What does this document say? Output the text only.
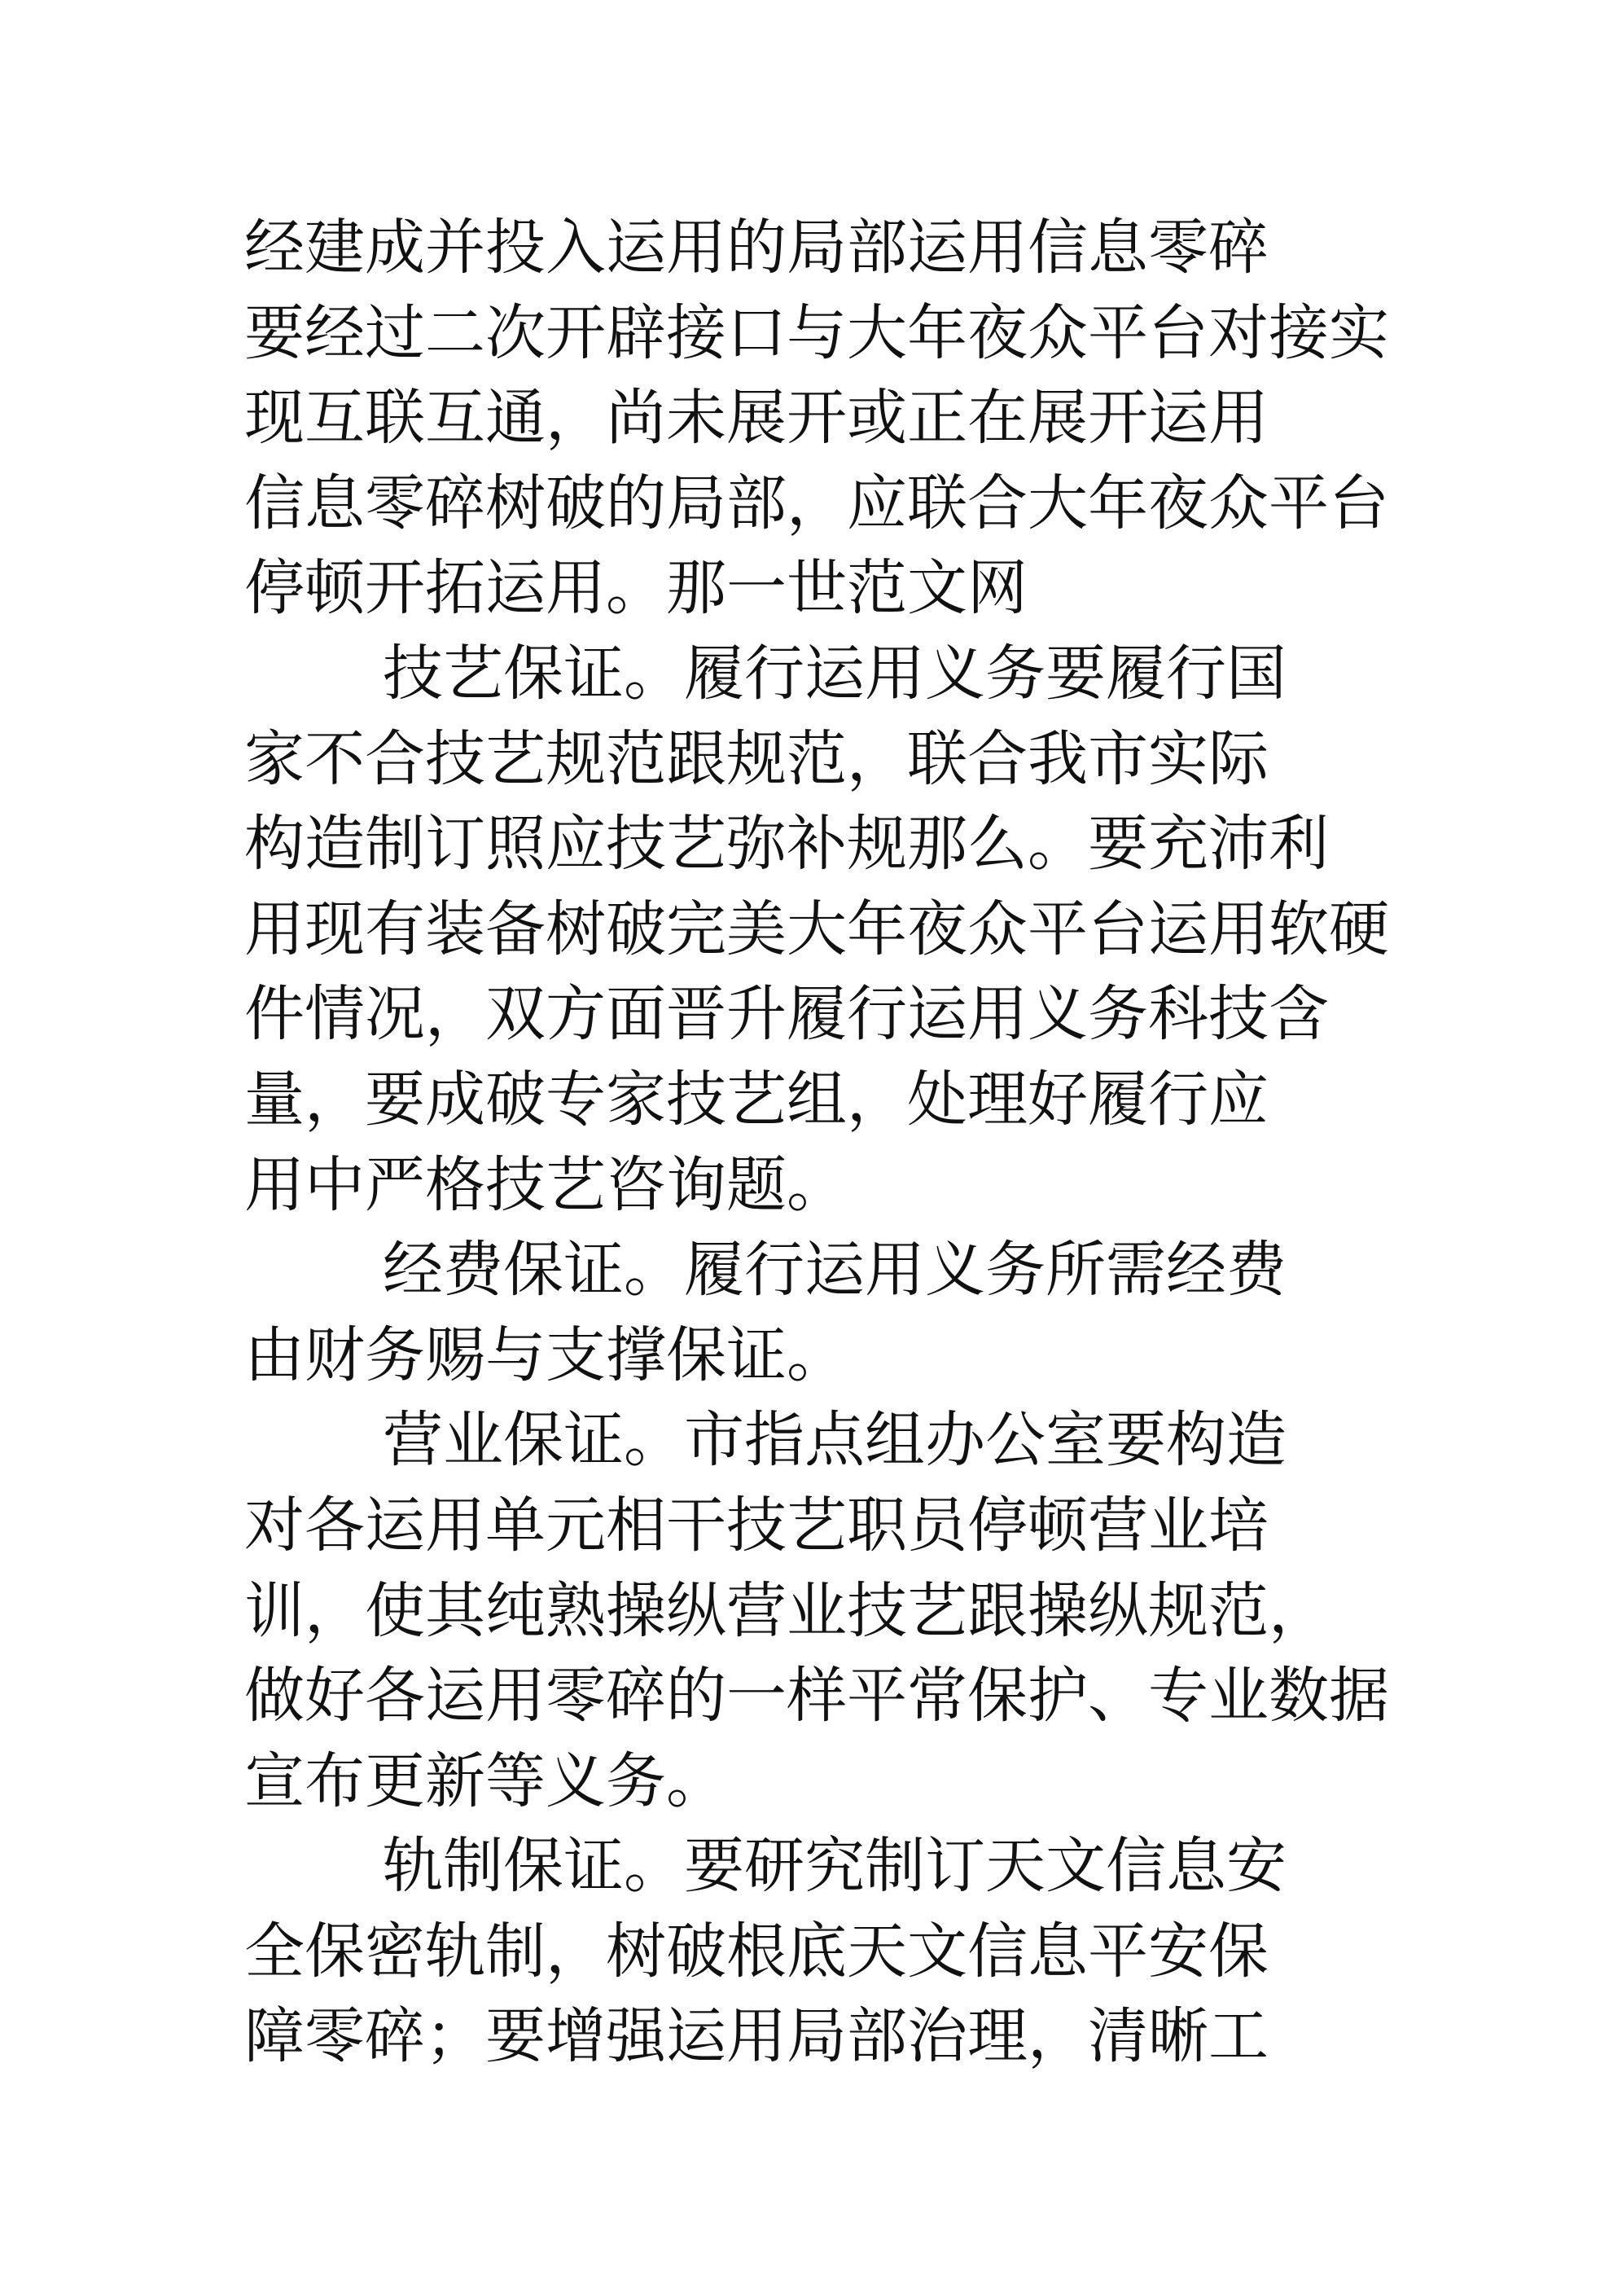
经建成并投入运用的局部运用信息零碎
要经过二次开辟接口与大年夜众平台对接实
现互联互通，尚未展开或正在展开运用
信息零碎树破的局部，应联合大年夜众平台
停顿开拓运用。那一世范文网
技艺保证。履行运用义务要履行国
家不合技艺规范跟规范，联合我市实际
构造制订照应技艺弥补规那么。要充沛利
用现有装备树破完美大年夜众平台运用软硬
件情况，双方面晋升履行运用义务科技含
量，要成破专家技艺组，处理好履行应
用中严格技艺咨询题。
经费保证。履行运用义务所需经费
由财务赐与支撑保证。
营业保证。市指点组办公室要构造
对各运用单元相干技艺职员停顿营业培
训，使其纯熟操纵营业技艺跟操纵规范，
做好各运用零碎的一样平常保护、专业数据
宣布更新等义务。
轨制保证。要研究制订天文信息安
全保密轨制，树破根底天文信息平安保
障零碎；要增强运用局部治理，清晰工
